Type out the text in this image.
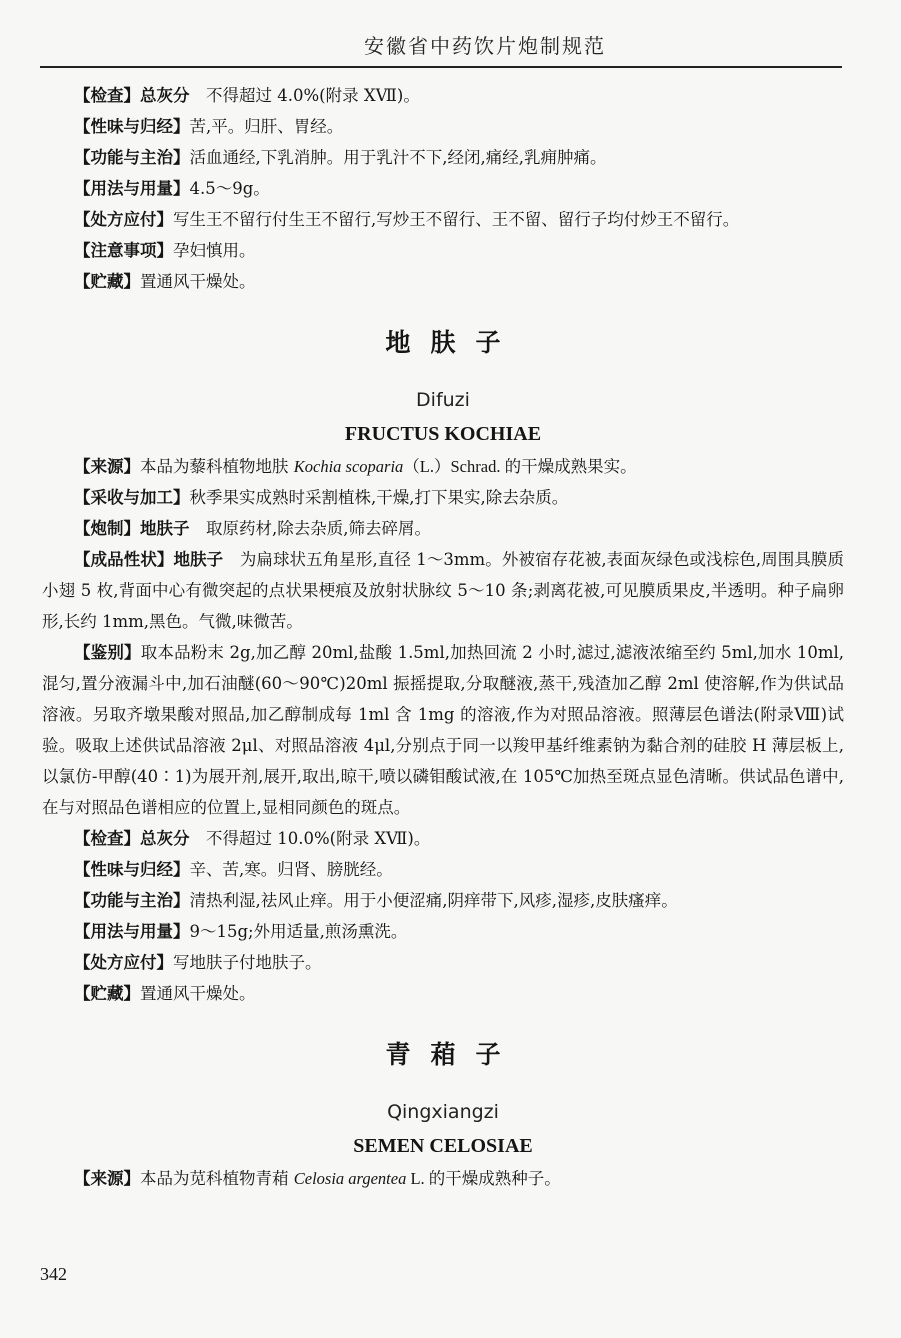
安徽省中药饮片炮制规范

【检查】总灰分　不得超过 4.0%(附录 XⅦ)。

【性味与归经】苦,平。归肝、胃经。

【功能与主治】活血通经,下乳消肿。用于乳汁不下,经闭,痛经,乳痈肿痛。

【用法与用量】4.5～9g。

【处方应付】写生王不留行付生王不留行,写炒王不留行、王不留、留行子均付炒王不留行。

【注意事项】孕妇慎用。

【贮藏】置通风干燥处。

地肤子
Difuzi
FRUCTUS KOCHIAE

【来源】本品为藜科植物地肤 Kochia scoparia（L.）Schrad. 的干燥成熟果实。

【采收与加工】秋季果实成熟时采割植株,干燥,打下果实,除去杂质。

【炮制】地肤子　取原药材,除去杂质,筛去碎屑。

【成品性状】地肤子　为扁球状五角星形,直径 1～3mm。外被宿存花被,表面灰绿色或浅棕色,周围具膜质小翅 5 枚,背面中心有微突起的点状果梗痕及放射状脉纹 5～10 条;剥离花被,可见膜质果皮,半透明。种子扁卵形,长约 1mm,黑色。气微,味微苦。

【鉴别】取本品粉末 2g,加乙醇 20ml,盐酸 1.5ml,加热回流 2 小时,滤过,滤液浓缩至约 5ml,加水 10ml,混匀,置分液漏斗中,加石油醚(60～90℃)20ml 振摇提取,分取醚液,蒸干,残渣加乙醇 2ml 使溶解,作为供试品溶液。另取齐墩果酸对照品,加乙醇制成每 1ml 含 1mg 的溶液,作为对照品溶液。照薄层色谱法(附录Ⅷ)试验。吸取上述供试品溶液 2μl、对照品溶液 4μl,分别点于同一以羧甲基纤维素钠为黏合剂的硅胶 H 薄层板上,以氯仿-甲醇(40∶1)为展开剂,展开,取出,晾干,喷以磷钼酸试液,在 105℃加热至斑点显色清晰。供试品色谱中,在与对照品色谱相应的位置上,显相同颜色的斑点。

【检查】总灰分　不得超过 10.0%(附录 XⅦ)。

【性味与归经】辛、苦,寒。归肾、膀胱经。

【功能与主治】清热利湿,祛风止痒。用于小便涩痛,阴痒带下,风疹,湿疹,皮肤瘙痒。

【用法与用量】9～15g;外用适量,煎汤熏洗。

【处方应付】写地肤子付地肤子。

【贮藏】置通风干燥处。

青葙子
Qingxiangzi
SEMEN CELOSIAE

【来源】本品为苋科植物青葙 Celosia argentea L. 的干燥成熟种子。

342
